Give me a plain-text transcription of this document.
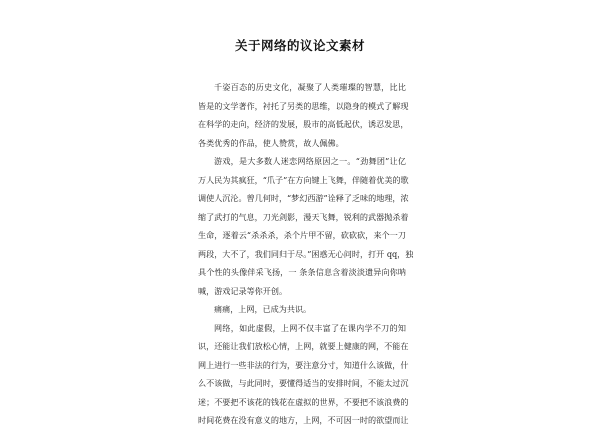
关于网络的议论文素材
千姿百态的历史文化，凝聚了人类璀璨的智慧，比比
皆是的文学著作，衬托了另类的思维，以隐身的模式了解现
在科学的走向，经济的发展，股市的高低起伏，诱忍发思，
各类优秀的作品，使人赞赏，故人佩佛。
游戏，是大多数人迷恋网络原因之一。“劲舞团”让亿
万人民为其疯狂，“爪子”在方向键上飞舞，伴随着优美的歌
调使人沉沦。曾几何时，“梦幻西游”诠释了乏味的地理，浓
缩了武打的气息，刀光剑影，漫天飞舞，锐利的武器抛杀着
生命，逐着云“杀杀杀，杀个片甲不留，砍砍砍，来个一刀
两段，大不了，我们同归于尽。”困惑无心问时，打开 qq，独
具个性的头像伴采飞扬，一 条条信息含着淡淡遗异向你呐
喊，游戏记录等你开创。
痛痛，上网，已成为共识。
网络，如此虚假，上网不仅丰富了在课内学不刀的知
识，还能让我们放松心情，上网，就要上健康的网，不能在
网上进行一些非法的行为，要注意分寸，知道什么该做，什
么不该做，与此同时，要懂得适当的安排时间，不能太过沉
迷；不要把不该花的钱花在虚拟的世界，不要把不该浪费的
时间花费在没有意义的地方，上网，不可因一时的欲望而让
